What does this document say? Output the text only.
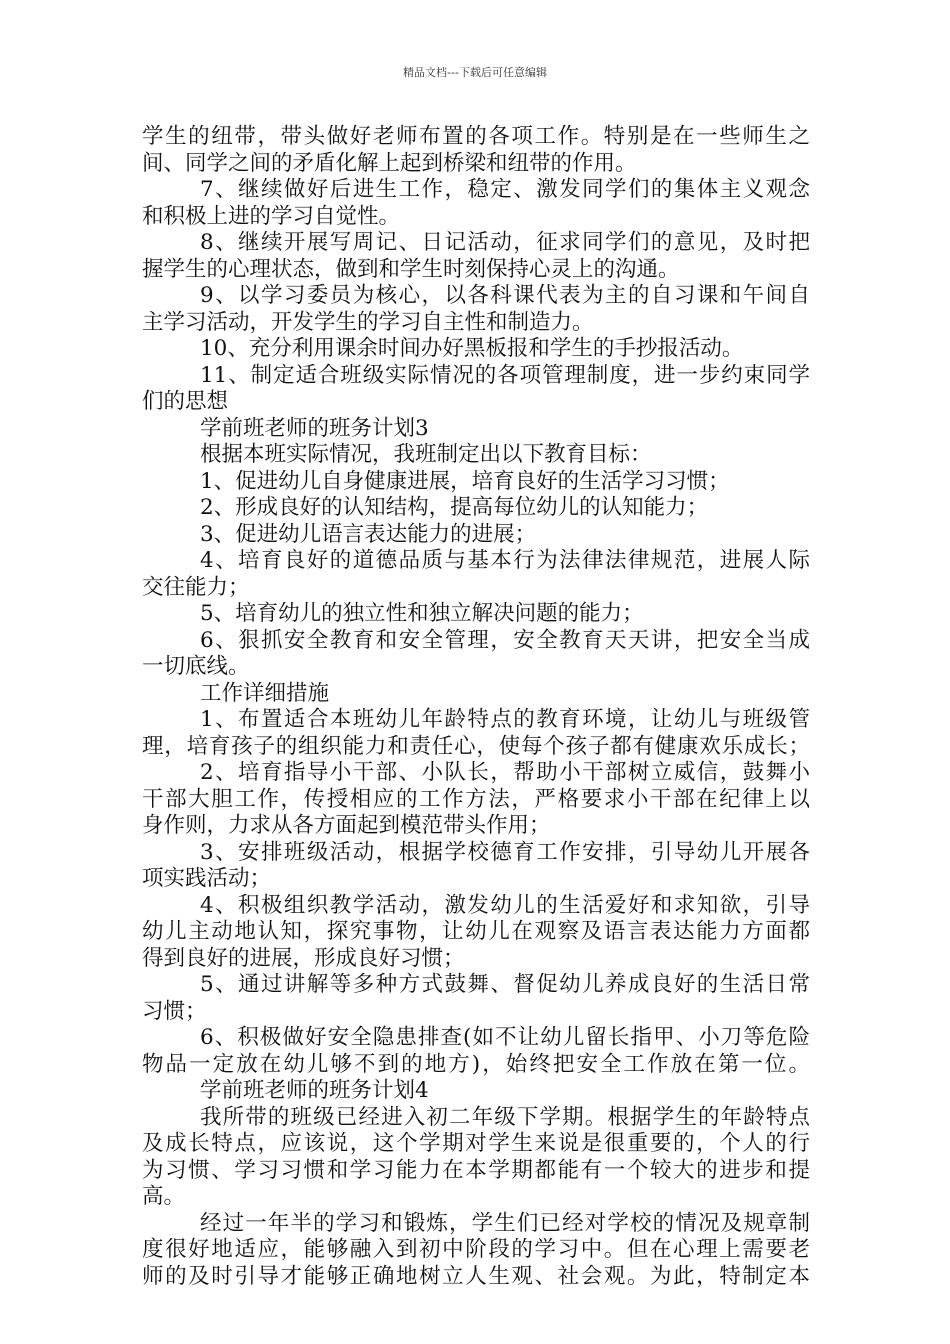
精品文档---下载后可任意编辑
学生的纽带，带头做好老师布置的各项工作。特别是在一些师生之
间、同学之间的矛盾化解上起到桥梁和纽带的作用。
7、继续做好后进生工作，稳定、激发同学们的集体主义观念
和积极上进的学习自觉性。
8、继续开展写周记、日记活动，征求同学们的意见，及时把
握学生的心理状态，做到和学生时刻保持心灵上的沟通。
9、以学习委员为核心，以各科课代表为主的自习课和午间自
主学习活动，开发学生的学习自主性和制造力。
10、充分利用课余时间办好黑板报和学生的手抄报活动。
11、制定适合班级实际情况的各项管理制度，进一步约束同学
们的思想
学前班老师的班务计划3
根据本班实际情况，我班制定出以下教育目标：
1、促进幼儿自身健康进展，培育良好的生活学习习惯；
2、形成良好的认知结构，提高每位幼儿的认知能力；
3、促进幼儿语言表达能力的进展；
4、培育良好的道德品质与基本行为法律法律规范，进展人际
交往能力；
5、培育幼儿的独立性和独立解决问题的能力；
6、狠抓安全教育和安全管理，安全教育天天讲，把安全当成
一切底线。
工作详细措施
1、布置适合本班幼儿年龄特点的教育环境，让幼儿与班级管
理，培育孩子的组织能力和责任心，使每个孩子都有健康欢乐成长；
2、培育指导小干部、小队长，帮助小干部树立威信，鼓舞小
干部大胆工作，传授相应的工作方法，严格要求小干部在纪律上以
身作则，力求从各方面起到模范带头作用；
3、安排班级活动，根据学校德育工作安排，引导幼儿开展各
项实践活动；
4、积极组织教学活动，激发幼儿的生活爱好和求知欲，引导
幼儿主动地认知，探究事物，让幼儿在观察及语言表达能力方面都
得到良好的进展，形成良好习惯；
5、通过讲解等多种方式鼓舞、督促幼儿养成良好的生活日常
习惯；
6、积极做好安全隐患排查(如不让幼儿留长指甲、小刀等危险
物品一定放在幼儿够不到的地方)，始终把安全工作放在第一位。
学前班老师的班务计划4
我所带的班级已经进入初二年级下学期。根据学生的年龄特点
及成长特点，应该说，这个学期对学生来说是很重要的，个人的行
为习惯、学习习惯和学习能力在本学期都能有一个较大的进步和提
高。
经过一年半的学习和锻炼，学生们已经对学校的情况及规章制
度很好地适应，能够融入到初中阶段的学习中。但在心理上需要老
师的及时引导才能够正确地树立人生观、社会观。为此，特制定本
